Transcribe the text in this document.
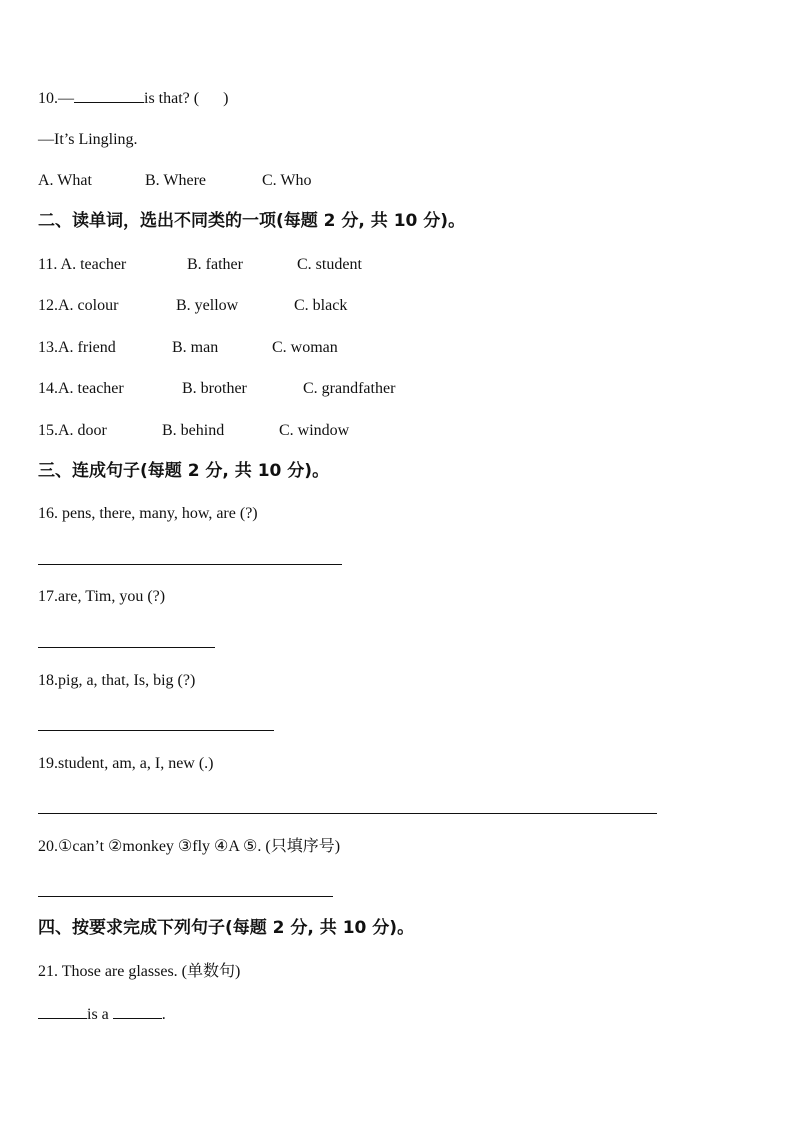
10.—	is that? ( )
—It’s Lingling.
A. What	B. Where	C. Who
二、读单词，选出不同类的一项(每题 2 分, 共 10 分)。
11. A. teacher	B. father	C. student
12.A. colour	B. yellow	C. black
13.A. friend	B. man	C. woman
14.A. teacher	B. brother	C. grandfather
15.A. door	B. behind	C. window
三、连成句子(每题 2 分, 共 10 分)。
16. pens, there, many, how, are (?)
17.are, Tim, you (?)
18.pig, a, that, Is, big (?)
19.student, am, a, I, new (.)
20.①can’t ②monkey ③fly ④A ⑤. (只填序号)
四、按要求完成下列句子(每题 2 分, 共 10 分)。
21. Those are glasses. (单数句)
is a	.
